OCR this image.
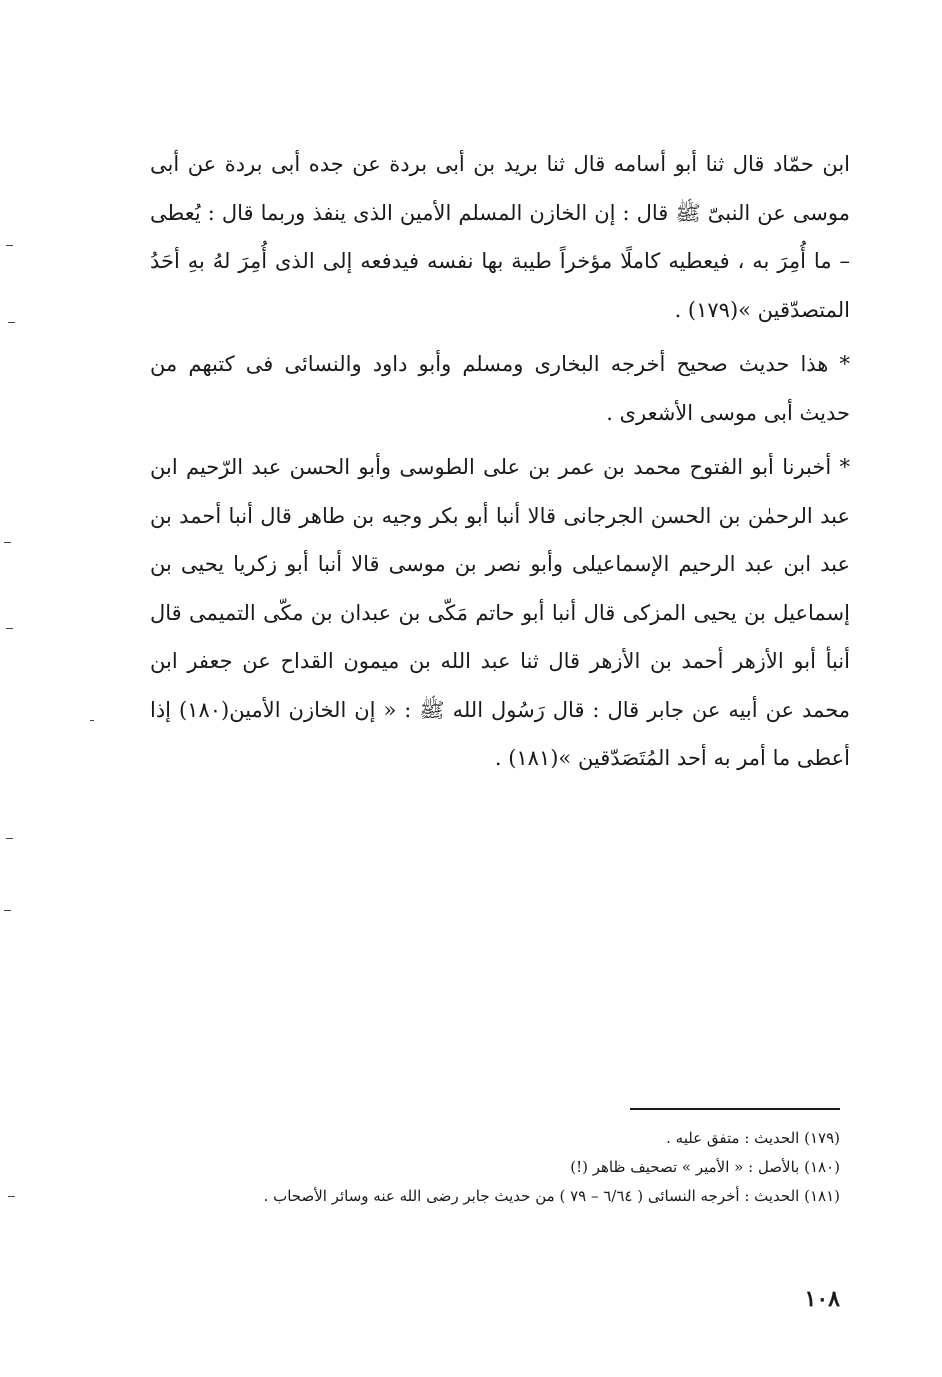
ابن حمّاد قال ثنا أبو أسامه قال ثنا بريد بن أبى بردة عن جده أبى بردة عن أبى موسى عن النبىّ ﷺ قال : إن الخازن المسلم الأمين الذى ينفذ وربما قال : يُعطى – ما أُمِرَ به ، فيعطيه كاملًا مؤخراً طيبة بها نفسه فيدفعه إلى الذى أُمِرَ لهُ بهِ أحَدُ المتصدّقين »(١٧٩) .

* هذا حديث صحيح أخرجه البخارى ومسلم وأبو داود والنسائى فى كتبهم من حديث أبى موسى الأشعرى .

* أخبرنا أبو الفتوح محمد بن عمر بن على الطوسى وأبو الحسن عبد الرّحيم ابن عبد الرحمٰن بن الحسن الجرجانى قالا أنبا أبو بكر وجيه بن طاهر قال أنبا أحمد بن عبد ابن عبد الرحيم الإسماعيلى وأبو نصر بن موسى قالا أنبا أبو زكريا يحيى بن إسماعيل بن يحيى المزكى قال أنبا أبو حاتم مَكّى بن عبدان بن مكّى التميمى قال أنبأ أبو الأزهر أحمد بن الأزهر قال ثنا عبد الله بن ميمون القداح عن جعفر ابن محمد عن أبيه عن جابر قال : قال رَسُول الله ﷺ : « إن الخازن الأمين(١٨٠) إذا أعطى ما أمر به أحد المُتَصَدّقين »(١٨١) .

(١٧٩) الحديث : متفق عليه .

(١٨٠) بالأصل : « الأمير » تصحيف ظاهر (!)

(١٨١) الحديث : أخرجه النسائى ( ٦/٦٤ – ٧٩ ) من حديث جابر رضى الله عنه وسائر الأصحاب .

١٠٨
